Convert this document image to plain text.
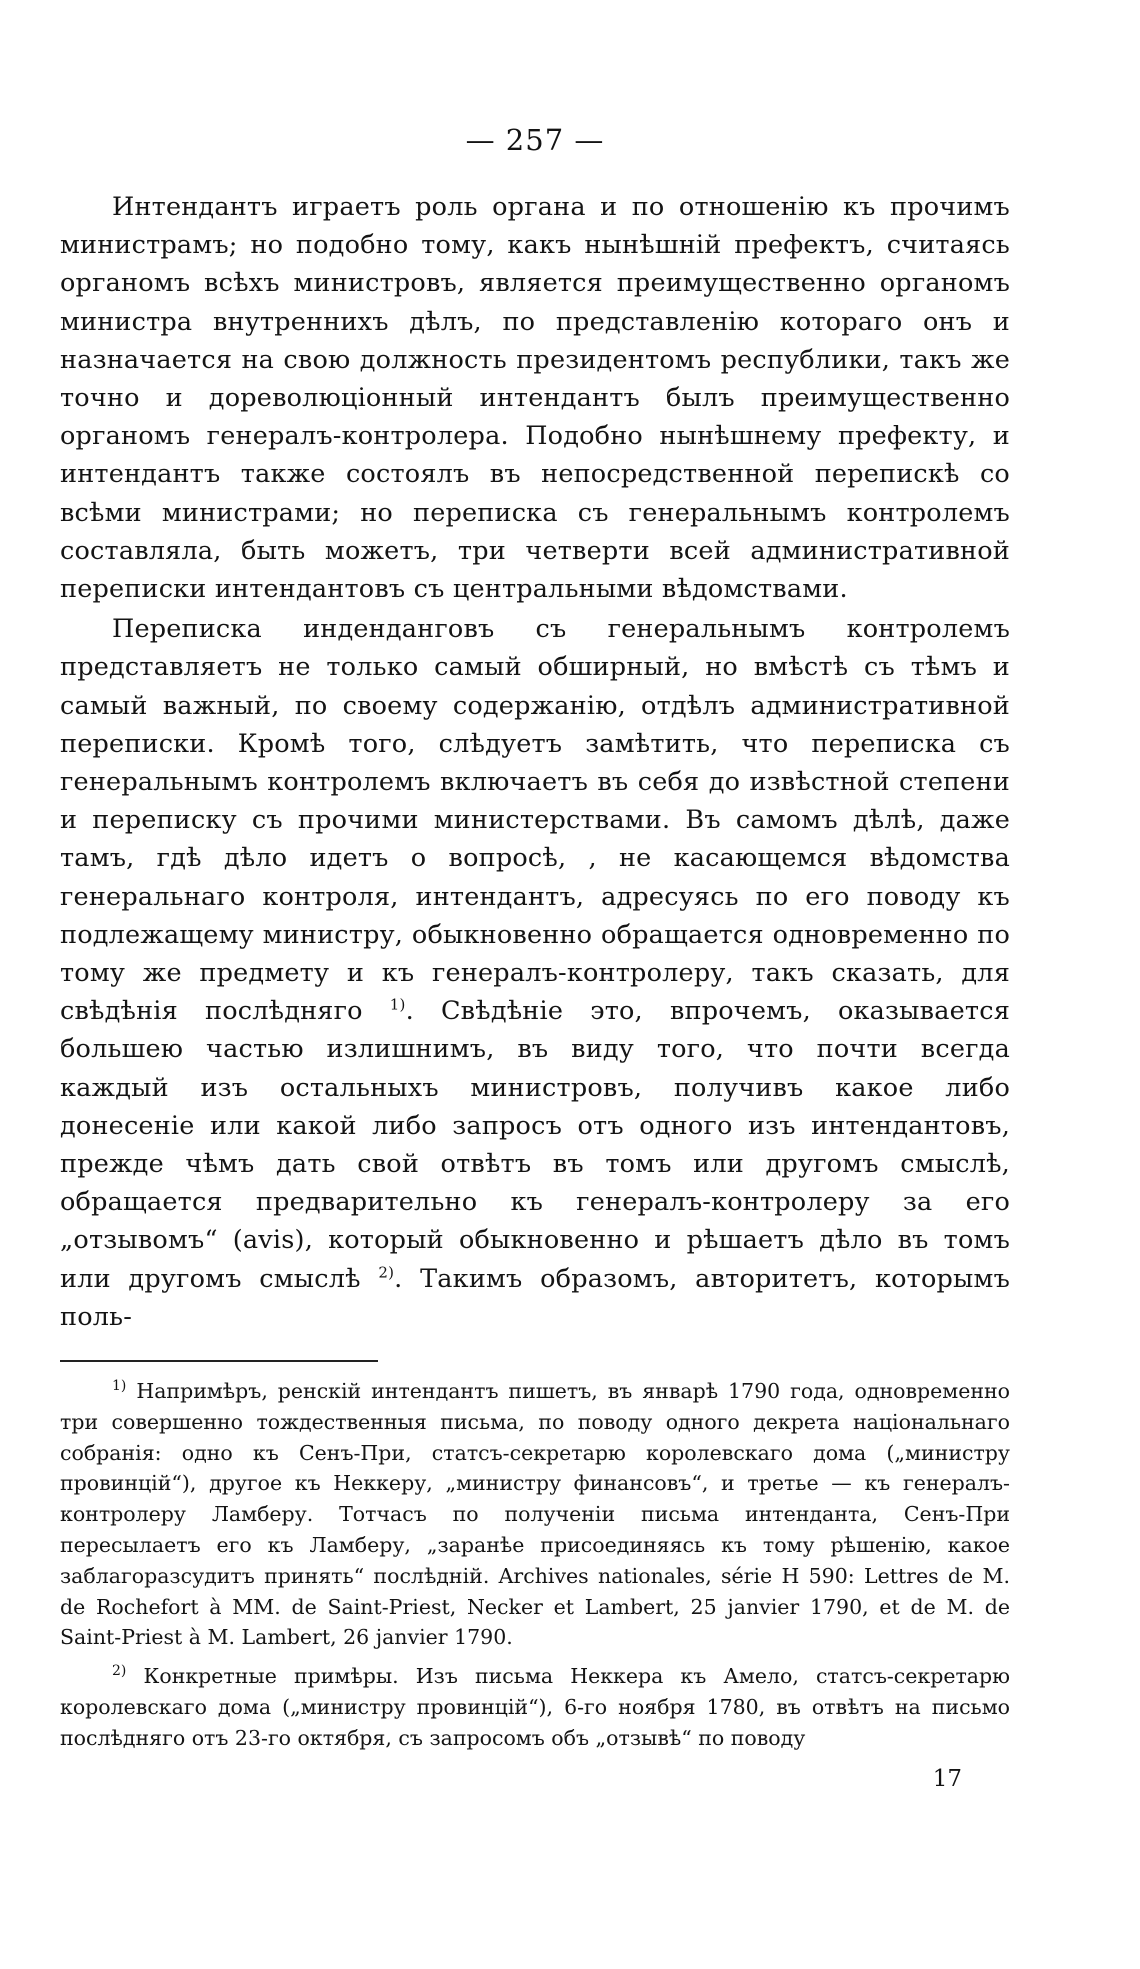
— 257 —

Интендантъ играетъ роль органа и по отношенію къ прочимъ министрамъ; но подобно тому, какъ нынѣшній префектъ, считаясь органомъ всѣхъ министровъ, является преимущественно органомъ министра внутреннихъ дѣлъ, по представленію котораго онъ и назначается на свою должность президентомъ республики, такъ же точно и дореволюціонный интендантъ былъ преимущественно органомъ генералъ-контролера. Подобно нынѣшнему префекту, и интендантъ также состоялъ въ непосредственной перепискѣ со всѣми министрами; но переписка съ генеральнымъ контролемъ составляла, быть можетъ, три четверти всей административной переписки интендантовъ съ центральными вѣдомствами.

Переписка инденданговъ съ генеральнымъ контролемъ представляетъ не только самый обширный, но вмѣстѣ съ тѣмъ и самый важный, по своему содержанію, отдѣлъ административной переписки. Кромѣ того, слѣдуетъ замѣтить, что переписка съ генеральнымъ контролемъ включаетъ въ себя до извѣстной степени и переписку съ прочими министерствами. Въ самомъ дѣлѣ, даже тамъ, гдѣ дѣло идетъ о вопросѣ, , не касающемся вѣдомства генеральнаго контроля, интендантъ, адресуясь по его поводу къ подлежащему министру, обыкновенно обращается одновременно по тому же предмету и къ генералъ-контролеру, такъ сказать, для свѣдѣнія послѣдняго $^{1)}$. Свѣдѣніе это, впрочемъ, оказывается большею частью излишнимъ, въ виду того, что почти всегда каждый изъ остальныхъ министровъ, получивъ какое либо донесеніе или какой либо запросъ отъ одного изъ интендантовъ, прежде чѣмъ дать свой отвѣтъ въ томъ или другомъ смыслѣ, обращается предварительно къ генералъ-контролеру за его „отзывомъ“ (avis), который обыкновенно и рѣшаетъ дѣло въ томъ или другомъ смыслѣ $^{2)}$. Такимъ образомъ, авторитетъ, которымъ поль-

$^{1)}$ Напримѣръ, ренскій интендантъ пишетъ, въ январѣ 1790 года, одновременно три совершенно тождественныя письма, по поводу одного декрета національнаго собранія: одно къ Сенъ-При, статсъ-секретарю королевскаго дома („министру провинцій“), другое къ Неккеру, „министру финансовъ“, и третье — къ генералъ-контролеру Ламберу. Тотчасъ по полученіи письма интенданта, Сенъ-При пересылаетъ его къ Ламберу, „заранѣе присоединяясь къ тому рѣшенію, какое заблагоразсудитъ принять“ послѣдній. Archives nationales, série H 590: Lettres de M. de Rochefort à MM. de Saint-Priest, Necker et Lambert, 25 janvier 1790, et de M. de Saint-Priest à M. Lambert, 26 janvier 1790.

$^{2)}$ Конкретные примѣры. Изъ письма Неккера къ Амело, статсъ-секретарю королевскаго дома („министру провинцій“), 6-го ноября 1780, въ отвѣтъ на письмо послѣдняго отъ 23-го октября, съ запросомъ объ „отзывѣ“ по поводу

17
